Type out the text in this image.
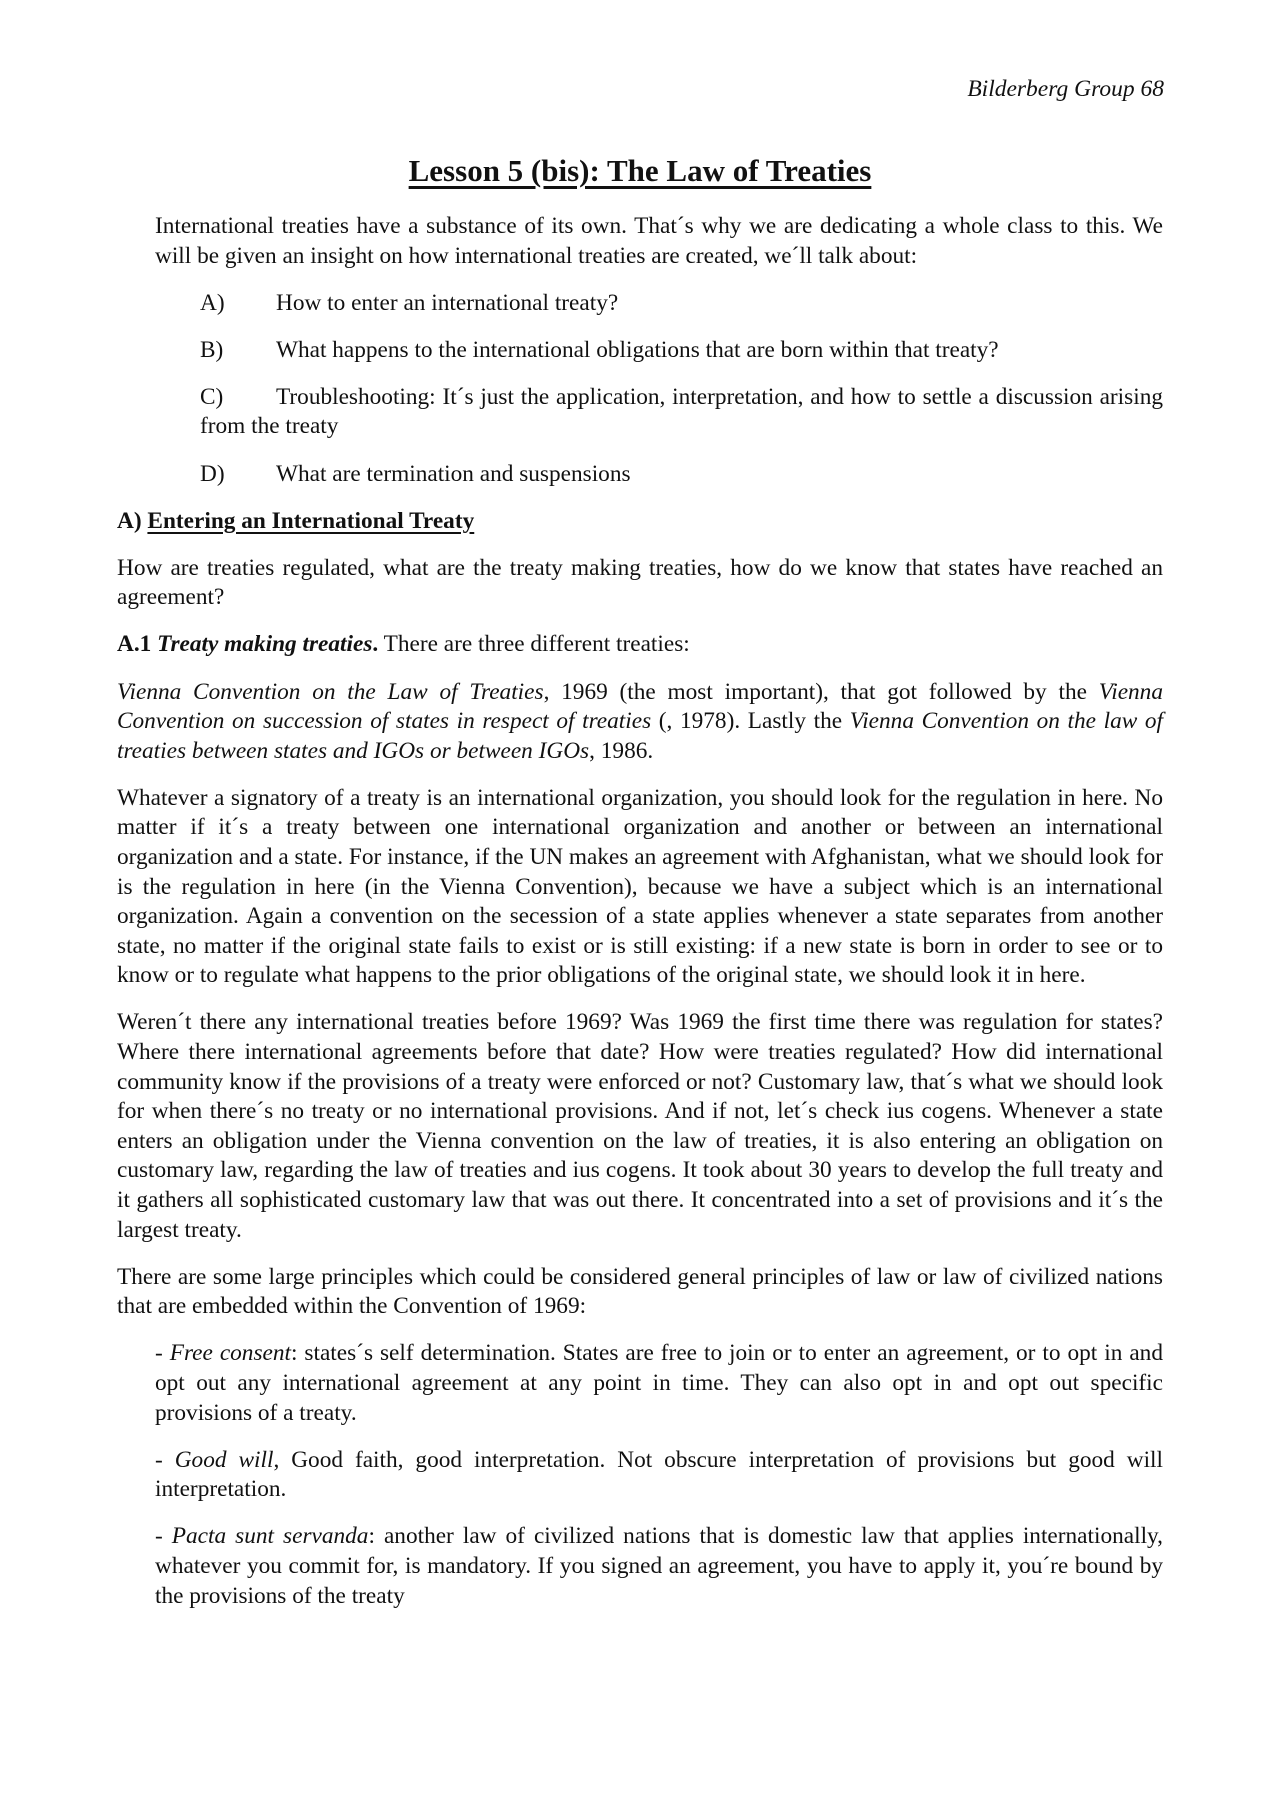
Bilderberg Group 68
Lesson 5 (bis): The Law of Treaties

International treaties have a substance of its own. That´s why we are dedicating a whole class to this. We will be given an insight on how international treaties are created, we´ll talk about:

A) How to enter an international treaty?

B) What happens to the international obligations that are born within that treaty?

C) Troubleshooting: It´s just the application, interpretation, and how to settle a discussion arising from the treaty

D) What are termination and suspensions

A) Entering an International Treaty

How are treaties regulated, what are the treaty making treaties, how do we know that states have reached an agreement?

A.1 Treaty making treaties. There are three different treaties:

Vienna Convention on the Law of Treaties, 1969 (the most important), that got followed by the Vienna Convention on succession of states in respect of treaties (, 1978). Lastly the Vienna Convention on the law of treaties between states and IGOs or between IGOs, 1986.

Whatever a signatory of a treaty is an international organization, you should look for the regulation in here. No matter if it´s a treaty between one international organization and another or between an international organization and a state. For instance, if the UN makes an agreement with Afghanistan, what we should look for is the regulation in here (in the Vienna Convention), because we have a subject which is an international organization. Again a convention on the secession of a state applies whenever a state separates from another state, no matter if the original state fails to exist or is still existing: if a new state is born in order to see or to know or to regulate what happens to the prior obligations of the original state, we should look it in here.

Weren´t there any international treaties before 1969? Was 1969 the first time there was regulation for states? Where there international agreements before that date? How were treaties regulated? How did international community know if the provisions of a treaty were enforced or not? Customary law, that´s what we should look for when there´s no treaty or no international provisions. And if not, let´s check ius cogens. Whenever a state enters an obligation under the Vienna convention on the law of treaties, it is also entering an obligation on customary law, regarding the law of treaties and ius cogens. It took about 30 years to develop the full treaty and it gathers all sophisticated customary law that was out there. It concentrated into a set of provisions and it´s the largest treaty.

There are some large principles which could be considered general principles of law or law of civilized nations that are embedded within the Convention of 1969:

- Free consent: states´s self determination. States are free to join or to enter an agreement, or to opt in and opt out any international agreement at any point in time. They can also opt in and opt out specific provisions of a treaty.

- Good will, Good faith, good interpretation. Not obscure interpretation of provisions but good will interpretation.

- Pacta sunt servanda: another law of civilized nations that is domestic law that applies internationally, whatever you commit for, is mandatory. If you signed an agreement, you have to apply it, you´re bound by the provisions of the treaty
